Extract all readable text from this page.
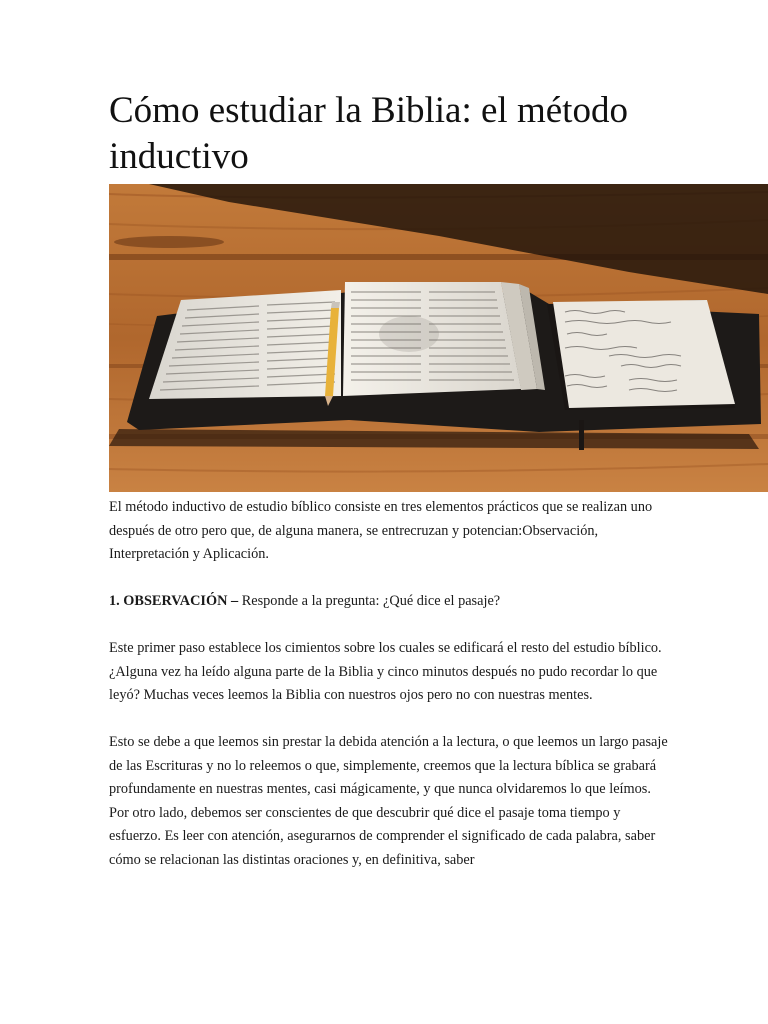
Cómo estudiar la Biblia: el método inductivo

El método inductivo de estudio bíblico consiste en tres elementos prácticos que se realizan uno después de otro pero que, de alguna manera, se entrecruzan y potencian:Observación, Interpretación y Aplicación.

1. OBSERVACIÓN – Responde a la pregunta: ¿Qué dice el pasaje?

Este primer paso establece los cimientos sobre los cuales se edificará el resto del estudio bíblico. ¿Alguna vez ha leído alguna parte de la Biblia y cinco minutos después no pudo recordar lo que leyó? Muchas veces leemos la Biblia con nuestros ojos pero no con nuestras mentes.

Esto se debe a que leemos sin prestar la debida atención a la lectura, o que leemos un largo pasaje de las Escrituras y no lo releemos o que, simplemente, creemos que la lectura bíblica se grabará profundamente en nuestras mentes, casi mágicamente, y que nunca olvidaremos lo que leímos. Por otro lado, debemos ser conscientes de que descubrir qué dice el pasaje toma tiempo y esfuerzo. Es leer con atención, asegurarnos de comprender el significado de cada palabra, saber cómo se relacionan las distintas oraciones y, en definitiva, saber
